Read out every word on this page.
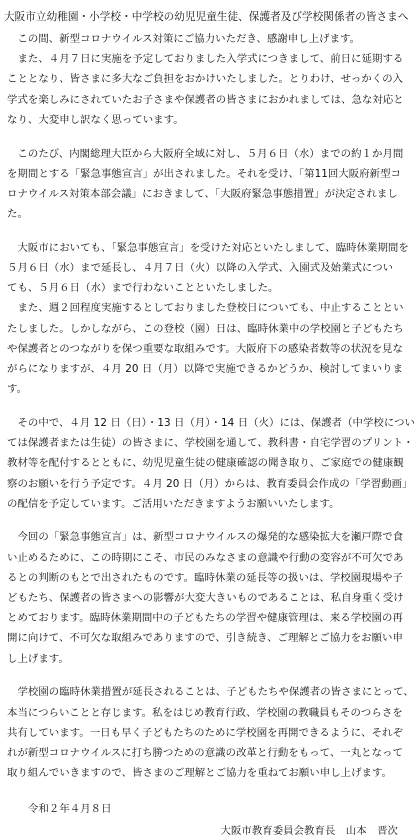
大阪市立幼稚園・小学校・中学校の幼児児童生徒、保護者及び学校関係者の皆さまへ
　この間、新型コロナウイルス対策にご協力いただき、感謝申し上げます。
　また、４月７日に実施を予定しておりました入学式につきまして、前日に延期する
こととなり、皆さまに多大なご負担をおかけいたしました。とりわけ、せっかくの入
学式を楽しみにされていたお子さまや保護者の皆さまにおかれましては、急な対応と
なり、大変申し訳なく思っています。
　このたび、内閣総理大臣から大阪府全域に対し、５月６日（水）までの約１か月間
を期間とする「緊急事態宣言」が出されました。それを受け、「第11回大阪府新型コ
ロナウイルス対策本部会議」におきまして、「大阪府緊急事態措置」が決定されまし
た。
　大阪市においても、「緊急事態宣言」を受けた対応といたしまして、臨時休業期間を
５月６日（水）まで延長し、４月７日（火）以降の入学式、入園式及始業式につい
ても、５月６日（水）まで行わないことといたしました。
　また、週２回程度実施するとしておりました登校日についても、中止することとい
たしました。しかしながら、この登校（園）日は、臨時休業中の学校園と子どもたち
や保護者とのつながりを保つ重要な取組みです。大阪府下の感染者数等の状況を見な
がらになりますが、４月 20 日（月）以降で実施できるかどうか、検討してまいりま
す。
　その中で、４月 12 日（日）・13 日（月）・14 日（火）には、保護者（中学校につい
ては保護者または生徒）の皆さまに、学校園を通して、教科書・自宅学習のプリント・
教材等を配付するとともに、幼児児童生徒の健康確認の聞き取り、ご家庭での健康観
察のお願いを行う予定です。４月 20 日（月）からは、教育委員会作成の「学習動画」
の配信を予定しています。ご活用いただきますようお願いいたします。
　今回の「緊急事態宣言」は、新型コロナウイルスの爆発的な感染拡大を瀬戸際で食
い止めるために、この時期にこそ、市民のみなさまの意識や行動の変容が不可欠であ
るとの判断のもとで出されたものです。臨時休業の延長等の扱いは、学校園現場や子
どもたち、保護者の皆さまへの影響が大変大きいものであることは、私自身重く受け
とめております。臨時休業期間中の子どもたちの学習や健康管理は、来る学校園の再
開に向けて、不可欠な取組みでありますので、引き続き、ご理解とご協力をお願い申
し上げます。
　学校園の臨時休業措置が延長されることは、子どもたちや保護者の皆さまにとって、
本当につらいことと存じます。私をはじめ教育行政、学校園の教職員もそのつらさを
共有しています。一日も早く子どもたちのために学校園を再開できるように、それぞ
れが新型コロナウイルスに打ち勝つための意識の改革と行動をもって、一丸となって
取り組んでいきますので、皆さまのご理解とご協力を重ねてお願い申し上げます。
令和２年４月８日
大阪市教育委員会教育長　山本　晋次
